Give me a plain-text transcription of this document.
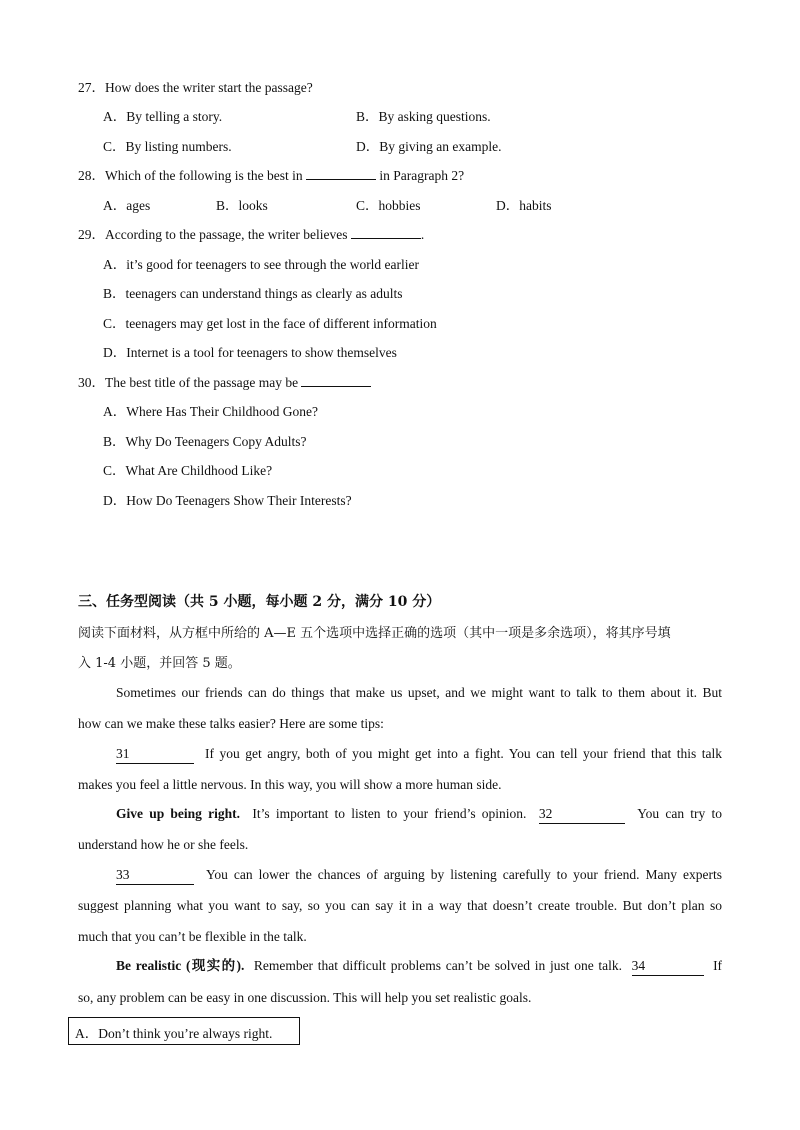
27．How does the writer start the passage?
A．By telling a story.	B．By asking questions.
C．By listing numbers.	D．By giving an example.
28．Which of the following is the best in	in Paragraph 2?
A．ages	B．looks	C．hobbies	D．habits
29．According to the passage, the writer believes	.
A．it’s good for teenagers to see through the world earlier
B．teenagers can understand things as clearly as adults
C．teenagers may get lost in the face of different information
D．Internet is a tool for teenagers to show themselves
30．The best title of the passage may be
A．Where Has Their Childhood Gone?
B．Why Do Teenagers Copy Adults?
C．What Are Childhood Like?
D．How Do Teenagers Show Their Interests?
三、任务型阅读（共 5 小题，每小题 2 分，满分 10 分）
阅读下面材料，从方框中所给的 A—E 五个选项中选择正确的选项（其中一项是多余选项），将其序号填
入 1-4 小题，并回答 5 题。
Sometimes our friends can do things that make us upset, and we might want to talk to them about it. But
how can we make these talks easier? Here are some tips:
31	If you get angry, both of you might get into a fight. You can tell your friend that this talk
makes you feel a little nervous. In this way, you will show a more human side.
Give up being right. It’s important to listen to your friend’s opinion. 32	You can try to
understand how he or she feels.
33	You can lower the chances of arguing by listening carefully to your friend. Many experts
suggest planning what you want to say, so you can say it in a way that doesn’t create trouble. But don’t plan so
much that you can’t be flexible in the talk.
Be realistic (现实的). Remember that difficult problems can’t be solved in just one talk. 34	If
so, any problem can be easy in one discussion. This will help you set realistic goals.
A．Don’t think you’re always right.
